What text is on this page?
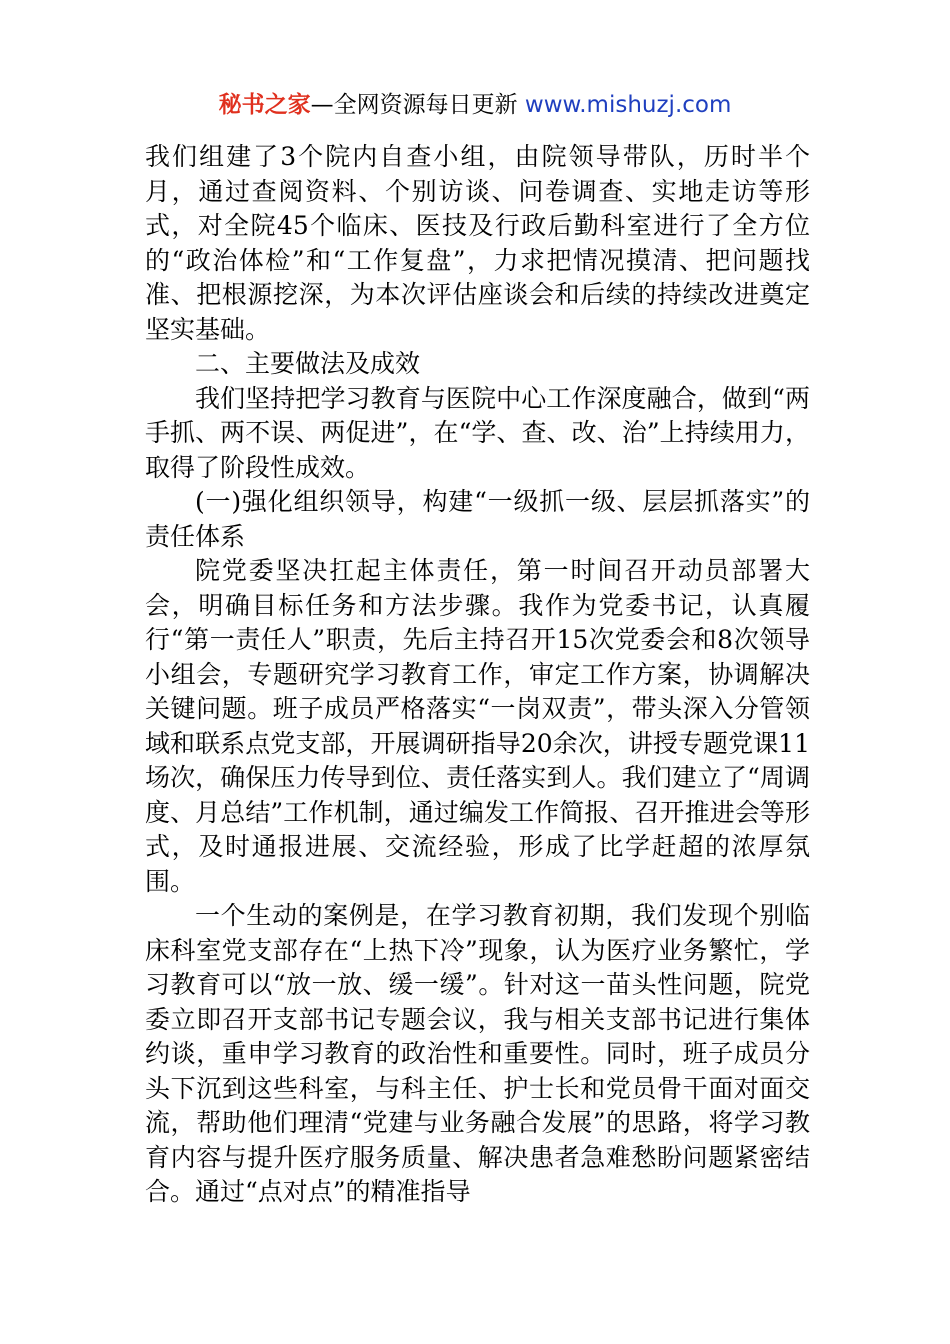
秘书之家—全网资源每日更新 www.mishuzj.com

我们组建了3个院内自查小组，由院领导带队，历时半个月，通过查阅资料、个别访谈、问卷调查、实地走访等形式，对全院45个临床、医技及行政后勤科室进行了全方位的“政治体检”和“工作复盘”，力求把情况摸清、把问题找准、把根源挖深，为本次评估座谈会和后续的持续改进奠定坚实基础。

二、主要做法及成效

我们坚持把学习教育与医院中心工作深度融合，做到“两手抓、两不误、两促进”，在“学、查、改、治”上持续用力，取得了阶段性成效。

(一)强化组织领导，构建“一级抓一级、层层抓落实”的责任体系

院党委坚决扛起主体责任，第一时间召开动员部署大会，明确目标任务和方法步骤。我作为党委书记，认真履行“第一责任人”职责，先后主持召开15次党委会和8次领导小组会，专题研究学习教育工作，审定工作方案，协调解决关键问题。班子成员严格落实“一岗双责”，带头深入分管领域和联系点党支部，开展调研指导20余次，讲授专题党课11场次，确保压力传导到位、责任落实到人。我们建立了“周调度、月总结”工作机制，通过编发工作简报、召开推进会等形式，及时通报进展、交流经验，形成了比学赶超的浓厚氛围。

一个生动的案例是，在学习教育初期，我们发现个别临床科室党支部存在“上热下冷”现象，认为医疗业务繁忙，学习教育可以“放一放、缓一缓”。针对这一苗头性问题，院党委立即召开支部书记专题会议，我与相关支部书记进行集体约谈，重申学习教育的政治性和重要性。同时，班子成员分头下沉到这些科室，与科主任、护士长和党员骨干面对面交流，帮助他们理清“党建与业务融合发展”的思路，将学习教育内容与提升医疗服务质量、解决患者急难愁盼问题紧密结合。通过“点对点”的精准指导
